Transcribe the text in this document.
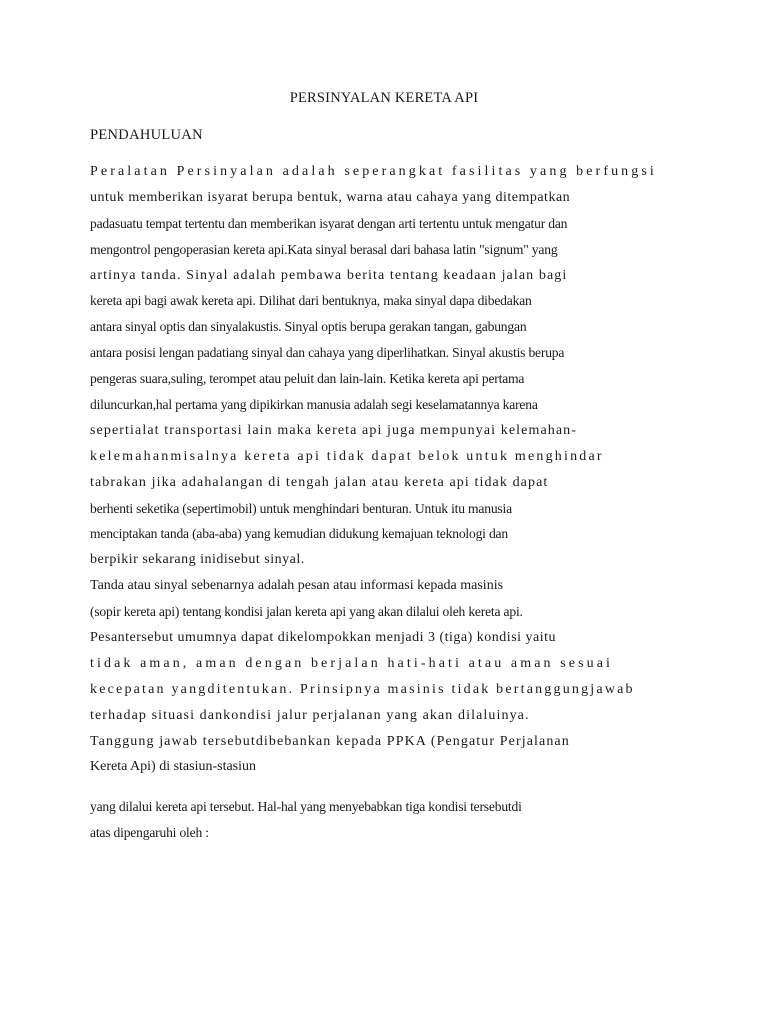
PERSINYALAN KERETA API
PENDAHULUAN
Peralatan Persinyalan adalah seperangkat fasilitas yang berfungsi
untuk memberikan isyarat berupa bentuk, warna atau cahaya yang ditempatkan
padasuatu tempat tertentu dan memberikan isyarat dengan arti tertentu untuk mengatur dan
mengontrol pengoperasian kereta api.Kata sinyal berasal dari bahasa latin "signum" yang
artinya tanda. Sinyal adalah pembawa berita tentang keadaan jalan bagi
kereta api bagi awak kereta api. Dilihat dari bentuknya, maka sinyal dapa dibedakan
antara sinyal optis dan sinyalakustis. Sinyal optis berupa gerakan tangan, gabungan
antara posisi lengan padatiang sinyal dan cahaya yang diperlihatkan. Sinyal akustis berupa
pengeras suara,suling, terompet atau peluit dan lain-lain. Ketika kereta api pertama
diluncurkan,hal pertama yang dipikirkan manusia adalah segi keselamatannya karena
sepertialat transportasi lain maka kereta api juga mempunyai kelemahan-
kelemahanmisalnya kereta api tidak dapat belok untuk menghindar
tabrakan jika adahalangan di tengah jalan atau kereta api tidak dapat
berhenti seketika (sepertimobil) untuk menghindari benturan. Untuk itu manusia
menciptakan tanda (aba-aba) yang kemudian didukung kemajuan teknologi dan
berpikir sekarang inidisebut sinyal.
Tanda atau sinyal sebenarnya adalah pesan atau informasi kepada masinis
(sopir kereta api) tentang kondisi jalan kereta api yang akan dilalui oleh kereta api.
Pesantersebut umumnya dapat dikelompokkan menjadi 3 (tiga) kondisi yaitu
tidak aman, aman dengan berjalan hati-hati atau aman sesuai
kecepatan yangditentukan. Prinsipnya masinis tidak bertanggungjawab
terhadap situasi dankondisi jalur perjalanan yang akan dilaluinya.
Tanggung jawab tersebutdibebankan kepada PPKA (Pengatur Perjalanan
Kereta Api) di stasiun-stasiun
yang dilalui kereta api tersebut. Hal-hal yang menyebabkan tiga kondisi tersebutdi
atas dipengaruhi oleh :
